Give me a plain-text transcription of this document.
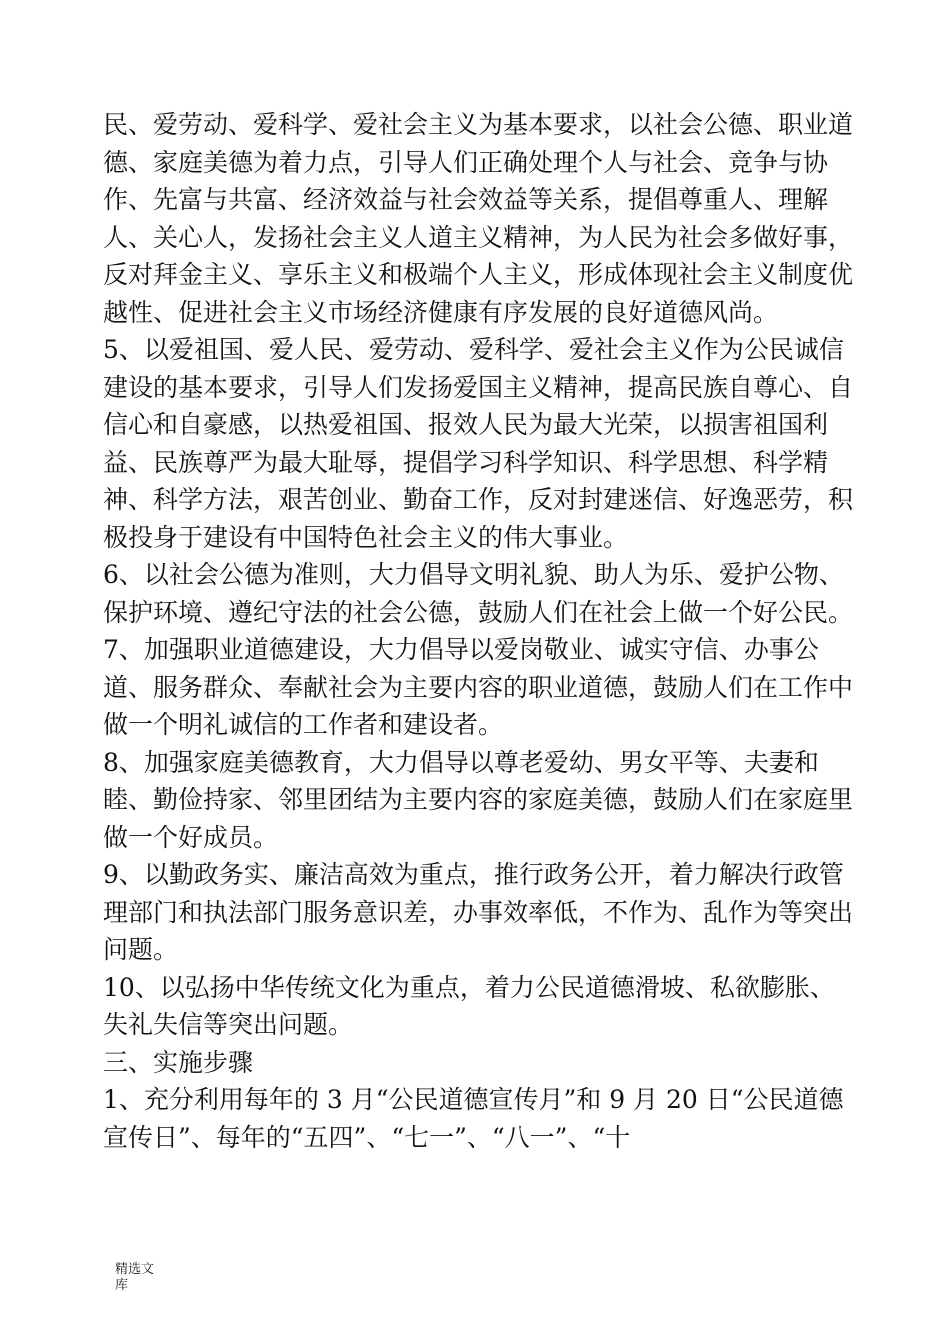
民、爱劳动、爱科学、爱社会主义为基本要求，以社会公德、职业道德、家庭美德为着力点，引导人们正确处理个人与社会、竞争与协作、先富与共富、经济效益与社会效益等关系，提倡尊重人、理解人、关心人，发扬社会主义人道主义精神，为人民为社会多做好事，反对拜金主义、享乐主义和极端个人主义，形成体现社会主义制度优越性、促进社会主义市场经济健康有序发展的良好道德风尚。

5、以爱祖国、爱人民、爱劳动、爱科学、爱社会主义作为公民诚信建设的基本要求，引导人们发扬爱国主义精神，提高民族自尊心、自信心和自豪感，以热爱祖国、报效人民为最大光荣，以损害祖国利益、民族尊严为最大耻辱，提倡学习科学知识、科学思想、科学精神、科学方法，艰苦创业、勤奋工作，反对封建迷信、好逸恶劳，积极投身于建设有中国特色社会主义的伟大事业。

6、以社会公德为准则，大力倡导文明礼貌、助人为乐、爱护公物、保护环境、遵纪守法的社会公德，鼓励人们在社会上做一个好公民。

7、加强职业道德建设，大力倡导以爱岗敬业、诚实守信、办事公道、服务群众、奉献社会为主要内容的职业道德，鼓励人们在工作中做一个明礼诚信的工作者和建设者。

8、加强家庭美德教育，大力倡导以尊老爱幼、男女平等、夫妻和睦、勤俭持家、邻里团结为主要内容的家庭美德，鼓励人们在家庭里做一个好成员。

9、以勤政务实、廉洁高效为重点，推行政务公开，着力解决行政管理部门和执法部门服务意识差，办事效率低，不作为、乱作为等突出问题。

10、以弘扬中华传统文化为重点，着力公民道德滑坡、私欲膨胀、失礼失信等突出问题。

三、实施步骤

1、充分利用每年的 3 月“公民道德宣传月”和 9 月 20 日“公民道德宣传日”、每年的“五四”、“七一”、“八一”、“十

精选文
库
